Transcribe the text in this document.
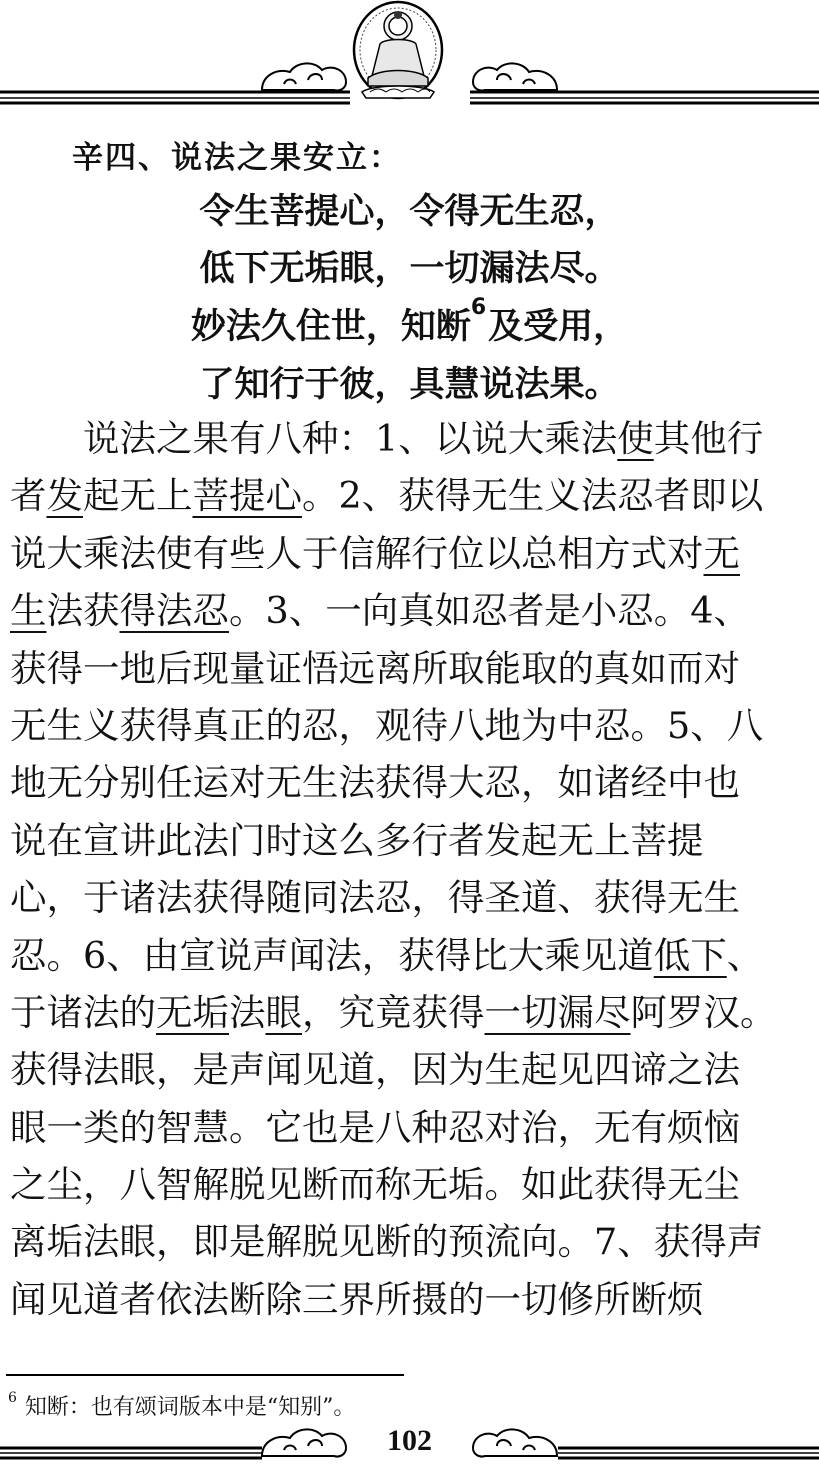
辛四、说法之果安立：
令生菩提心，令得无生忍，
低下无垢眼，一切漏法尽。
妙法久住世，知断$^6$及受用，
了知行于彼，具慧说法果。
　　说法之果有八种：1、以说大乘法使其他行
者发起无上菩提心。2、获得无生义法忍者即以
说大乘法使有些人于信解行位以总相方式对无
生法获得法忍。3、一向真如忍者是小忍。4、
获得一地后现量证悟远离所取能取的真如而对
无生义获得真正的忍，观待八地为中忍。5、八
地无分别任运对无生法获得大忍，如诸经中也
说在宣讲此法门时这么多行者发起无上菩提
心，于诸法获得随同法忍，得圣道、获得无生
忍。6、由宣说声闻法，获得比大乘见道低下、
于诸法的无垢法眼，究竟获得一切漏尽阿罗汉。
获得法眼，是声闻见道，因为生起见四谛之法
眼一类的智慧。它也是八种忍对治，无有烦恼
之尘，八智解脱见断而称无垢。如此获得无尘
离垢法眼，即是解脱见断的预流向。7、获得声
闻见道者依法断除三界所摄的一切修所断烦
$^6$ 知断：也有颂词版本中是“知别”。
102
